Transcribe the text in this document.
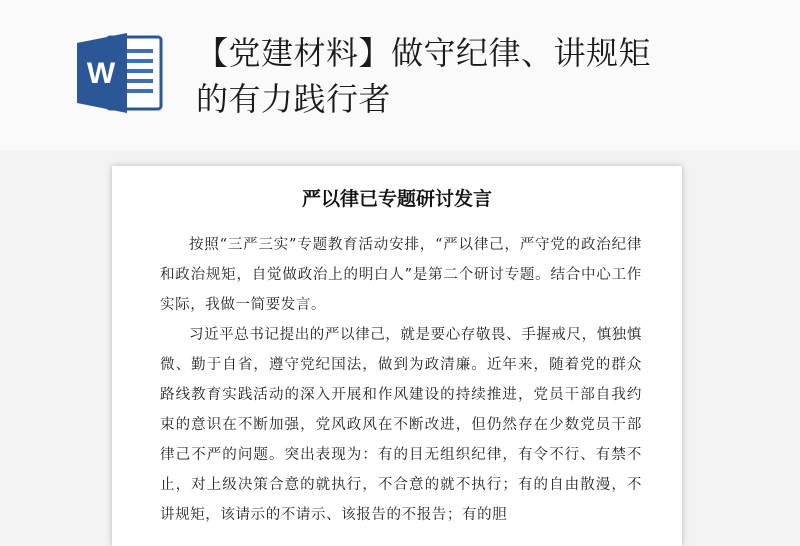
W
【党建材料】做守纪律、讲规矩
的有力践行者
严以律已专题研讨发言

按照“三严三实”专题教育活动安排，“严以律己，严守党的政治纪律和政治规矩，自觉做政治上的明白人”是第二个研讨专题。结合中心工作实际，我做一简要发言。

习近平总书记提出的严以律己，就是要心存敬畏、手握戒尺，慎独慎微、勤于自省，遵守党纪国法，做到为政清廉。近年来，随着党的群众路线教育实践活动的深入开展和作风建设的持续推进，党员干部自我约束的意识在不断加强，党风政风在不断改进，但仍然存在少数党员干部律己不严的问题。突出表现为：有的目无组织纪律，有令不行、有禁不止，对上级决策合意的就执行，不合意的就不执行；有的自由散漫，不讲规矩，该请示的不请示、该报告的不报告；有的胆
